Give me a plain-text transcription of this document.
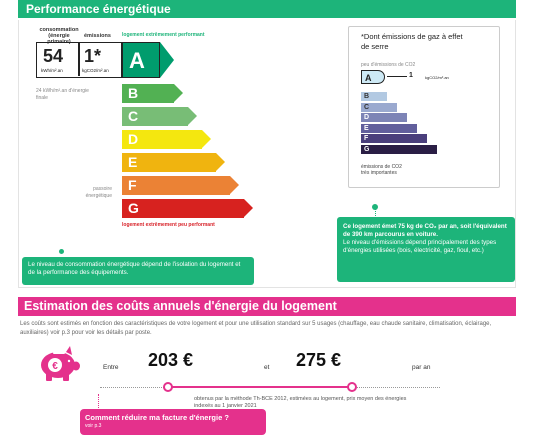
Performance énergétique
consommation (énergie primaire)
émissions logement extrêmement performant
54
kWh/m².an
1*
kgCO2/m².an
24 kWh/m².an d'énergie finale
passoire énergétique
A
B
C
D
E
F
G
logement extrêmement peu performant
*Dont émissions de gaz à effet de serre
peu d'émissions de CO2
A
B
C
D
E
F
G
1	kgCO2/m².an
émissions de CO2 très importantes
Ce logement émet 75 kg de CO₂ par an, soit l'équivalent de 390 km parcourus en voiture.
Le niveau d'émissions dépend principalement des types d'énergies utilisées (bois, électricité, gaz, fioul, etc.)
Le niveau de consommation énergétique dépend de l'isolation du logement et de la performance des équipements.
Estimation des coûts annuels d'énergie du logement
Les coûts sont estimés en fonction des caractéristiques de votre logement et pour une utilisation standard sur 5 usages (chauffage, eau chaude sanitaire, climatisation, éclairage, auxiliaires) voir p.3 pour voir les détails par poste.
€	Entre 203 €	et 275 €	par an
obtenus par la méthode Th-BCE 2012, estimées au logement, prix moyen des énergies indexés au 1 janvier 2021
Comment réduire ma facture d'énergie ?
voir p.3
